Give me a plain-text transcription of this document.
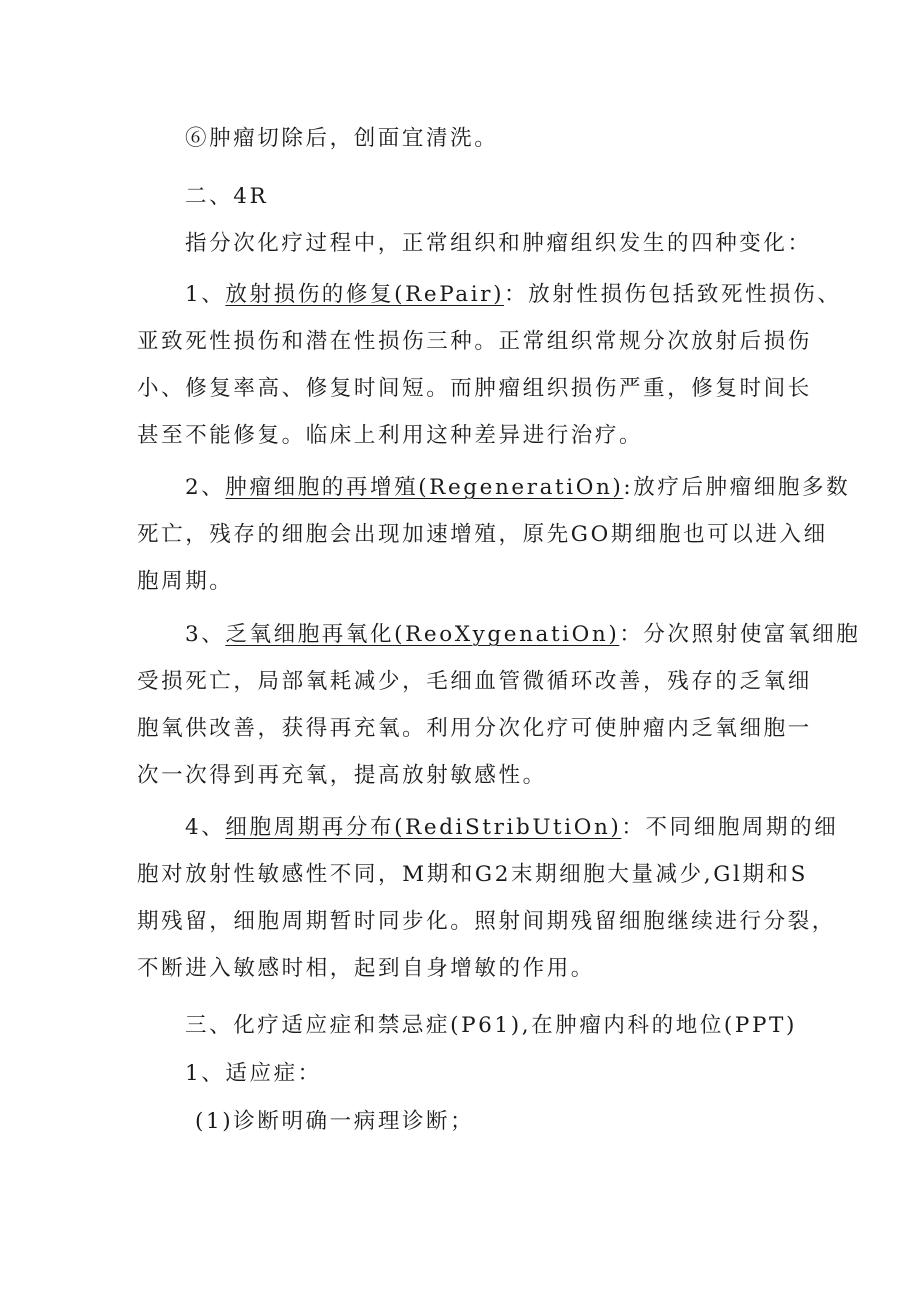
⑥肿瘤切除后，创面宜清洗。
二、4R
指分次化疗过程中，正常组织和肿瘤组织发生的四种变化：
1、放射损伤的修复(RePair)：放射性损伤包括致死性损伤、
亚致死性损伤和潜在性损伤三种。正常组织常规分次放射后损伤
小、修复率高、修复时间短。而肿瘤组织损伤严重，修复时间长
甚至不能修复。临床上利用这种差异进行治疗。
2、肿瘤细胞的再增殖(RegeneratiOn):放疗后肿瘤细胞多数
死亡，残存的细胞会出现加速增殖，原先GO期细胞也可以进入细
胞周期。
3、乏氧细胞再氧化(ReoXygenatiOn)：分次照射使富氧细胞
受损死亡，局部氧耗减少，毛细血管微循环改善，残存的乏氧细
胞氧供改善，获得再充氧。利用分次化疗可使肿瘤内乏氧细胞一
次一次得到再充氧，提高放射敏感性。
4、细胞周期再分布(RediStribUtiOn)：不同细胞周期的细
胞对放射性敏感性不同，M期和G2末期细胞大量减少,Gl期和S
期残留，细胞周期暂时同步化。照射间期残留细胞继续进行分裂，
不断进入敏感时相，起到自身增敏的作用。
三、化疗适应症和禁忌症(P61),在肿瘤内科的地位(PPT)
1、适应症：
(1)诊断明确一病理诊断；
